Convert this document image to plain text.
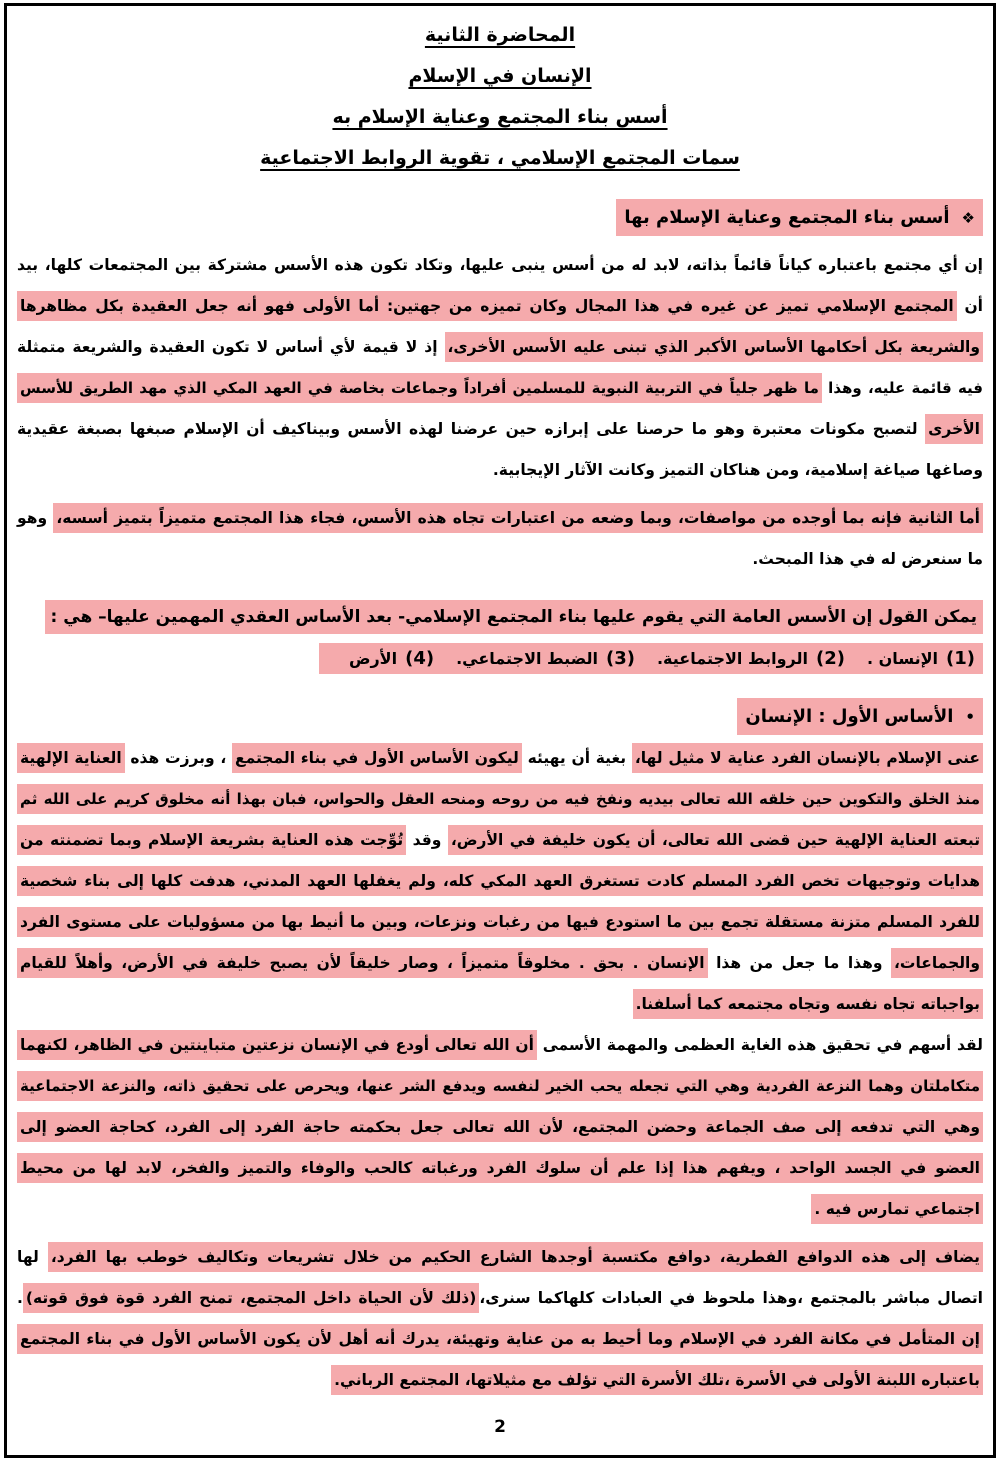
المحاضرة الثانية
الإنسان في الإسلام
أسس بناء المجتمع وعناية الإسلام به
سمات المجتمع الإسلامي ، تقوية الروابط الاجتماعية
❖أسس بناء المجتمع وعناية الإسلام بها
إن أي مجتمع باعتباره كياناً قائماً بذاته، لابد له من أسس ينبى عليها، وتكاد تكون هذه الأسس مشتركة بين المجتمعات كلها، بيد
أن المجتمع الإسلامي تميز عن غيره في هذا المجال وكان تميزه من جهتين: أما الأولى فهو أنه جعل العقيدة بكل مظاهرها
والشريعة بكل أحكامها الأساس الأكبر الذي تبنى عليه الأسس الأخرى، إذ لا قيمة لأي أساس لا تكون العقيدة والشريعة متمثلة
فيه قائمة عليه، وهذا ما ظهر جلياً في التربية النبوية للمسلمين أفراداً وجماعات بخاصة في العهد المكي الذي مهد الطريق للأسس
الأخرى لتصبح مكونات معتبرة وهو ما حرصنا على إبرازه حين عرضنا لهذه الأسس وبيناكيف أن الإسلام صبغها بصبغة عقيدية
وصاغها صياغة إسلامية، ومن هناكان التميز وكانت الآثار الإيجابية.
أما الثانية فإنه بما أوجده من مواصفات، وبما وضعه من اعتبارات تجاه هذه الأسس، فجاء هذا المجتمع متميزاً بتميز أسسه، وهو
ما سنعرض له في هذا المبحث.
يمكن القول إن الأسس العامة التي يقوم عليها بناء المجتمع الإسلامي- بعد الأساس العقدي المهمين عليها– هي :
(1)الإنسان .(2)الروابط الاجتماعية.(3)الضبط الاجتماعي.(4)الأرض
•الأساس الأول : الإنسان
عنى الإسلام بالإنسان الفرد عناية لا مثيل لها، بغية أن يهيئه ليكون الأساس الأول في بناء المجتمع ، وبرزت هذه العناية الإلهية
منذ الخلق والتكوين حين خلقه الله تعالى بيديه ونفخ فيه من روحه ومنحه العقل والحواس، فبان بهذا أنه مخلوق كريم على الله ثم
تبعته العناية الإلهية حين قضى الله تعالى، أن يكون خليفة في الأرض، وقد تُوِّجت هذه العناية بشريعة الإسلام وبما تضمنته من
هدايات وتوجيهات تخص الفرد المسلم كادت تستغرق العهد المكي كله، ولم يغفلها العهد المدني، هدفت كلها إلى بناء شخصية
للفرد المسلم متزنة مستقلة تجمع بين ما استودع فيها من رغبات ونزعات، وبين ما أنيط بها من مسؤوليات على مستوى الفرد
والجماعات، وهذا ما جعل من هذا الإنسان . بحق . مخلوقاً متميزاً ، وصار خليقاً لأن يصبح خليفة في الأرض، وأهلاً للقيام
بواجباته تجاه نفسه وتجاه مجتمعه كما أسلفنا.
لقد أسهم في تحقيق هذه الغاية العظمى والمهمة الأسمى أن الله تعالى أودع في الإنسان نزعتين متباينتين في الظاهر، لكنهما
متكاملتان وهما النزعة الفردية وهي التي تجعله يحب الخير لنفسه ويدفع الشر عنها، ويحرص على تحقيق ذاته، والنزعة الاجتماعية
وهي التي تدفعه إلى صف الجماعة وحضن المجتمع، لأن الله تعالى جعل بحكمته حاجة الفرد إلى الفرد، كحاجة العضو إلى
العضو في الجسد الواحد ، ويفهم هذا إذا علم أن سلوك الفرد ورغباته كالحب والوفاء والتميز والفخر، لابد لها من محيط
اجتماعي تمارس فيه .
يضاف إلى هذه الدوافع الفطرية، دوافع مكتسبة أوجدها الشارع الحكيم من خلال تشريعات وتكاليف خوطب بها الفرد، لها
اتصال مباشر بالمجتمع ،وهذا ملحوظ في العبادات كلهاكما سنرى،(ذلك لأن الحياة داخل المجتمع، تمنح الفرد قوة فوق قوته).
إن المتأمل في مكانة الفرد في الإسلام وما أحيط به من عناية وتهيئة، يدرك أنه أهل لأن يكون الأساس الأول في بناء المجتمع
باعتباره اللبنة الأولى في الأسرة ،تلك الأسرة التي تؤلف مع مثيلاتها، المجتمع الرباني.
2
